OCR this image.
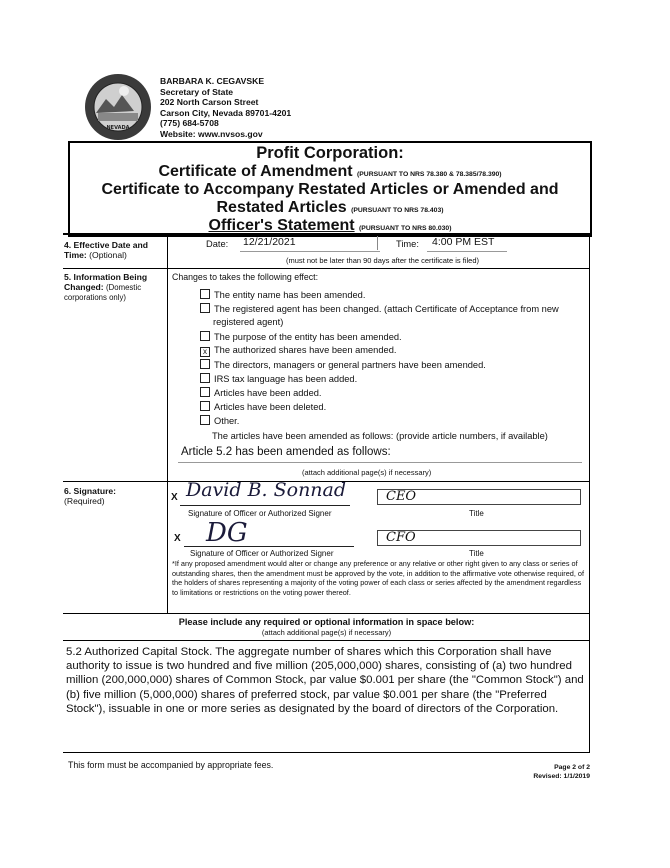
NEVADA
BARBARA K. CEGAVSKE
Secretary of State
202 North Carson Street
Carson City, Nevada 89701-4201
(775) 684-5708
Website: www.nvsos.gov
Profit Corporation:
Certificate of Amendment (PURSUANT TO NRS 78.380 & 78.385/78.390)
Certificate to Accompany Restated Articles or Amended and
Restated Articles (PURSUANT TO NRS 78.403)
Officer's Statement (PURSUANT TO NRS 80.030)
4. Effective Date and
Time: (Optional)
Date: 12/21/2021	Time: 4:00 PM EST
(must not be later than 90 days after the certificate is filed)
5. Information Being
Changed: (Domestic
corporations only)
Changes to takes the following effect:
The entity name has been amended.
The registered agent has been changed. (attach Certificate of Acceptance from new
registered agent)
The purpose of the entity has been amended.
x The authorized shares have been amended.
The directors, managers or general partners have been amended.
IRS tax language has been added.
Articles have been added.
Articles have been deleted.
Other.
The articles have been amended as follows: (provide article numbers, if available)
Article 5.2 has been amended as follows:
(attach additional page(s) if necessary)
6. Signature:
(Required)	X David B. Sonnad
Signature of Officer or Authorized Signer
CEO
Title
X DG
Signature of Officer or Authorized Signer
CFO
Title
*If any proposed amendment would alter or change any preference or any relative or other right given to any class or series of outstanding shares, then the amendment must be approved by the vote, in addition to the affirmative vote otherwise required, of the holders of shares representing a majority of the voting power of each class or series affected by the amendment regardless to limitations or restrictions on the voting power thereof.
Please include any required or optional information in space below:
(attach additional page(s) if necessary)
5.2 Authorized Capital Stock. The aggregate number of shares which this Corporation shall have authority to issue is two hundred and five million (205,000,000) shares, consisting of (a) two hundred million (200,000,000) shares of Common Stock, par value $0.001 per share (the "Common Stock") and (b) five million (5,000,000) shares of preferred stock, par value $0.001 per share (the "Preferred Stock"), issuable in one or more series as designated by the board of directors of the Corporation.
This form must be accompanied by appropriate fees.	Page 2 of 2
Revised: 1/1/2019
